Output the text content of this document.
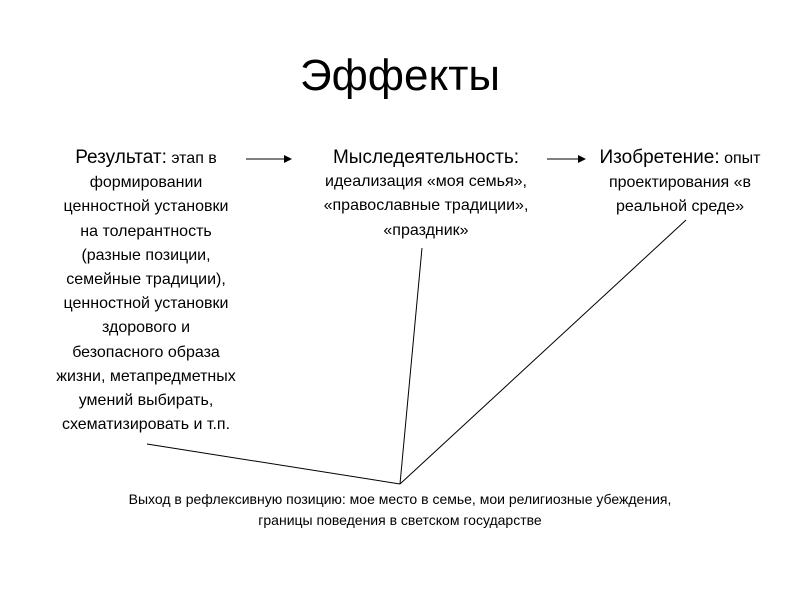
Эффекты
Результат: этап в
формировании
ценностной установки
на толерантность
(разные позиции,
семейные традиции),
ценностной установки
здорового и
безопасного образа
жизни, метапредметных
умений выбирать,
схематизировать и т.п.
Мыследеятельность:
идеализация «моя семья»,
«православные традиции»,
«праздник»
Изобретение: опыт
проектирования «в
реальной среде»
Выход в рефлексивную позицию: мое место в семье, мои религиозные убеждения,
границы поведения в светском государстве
